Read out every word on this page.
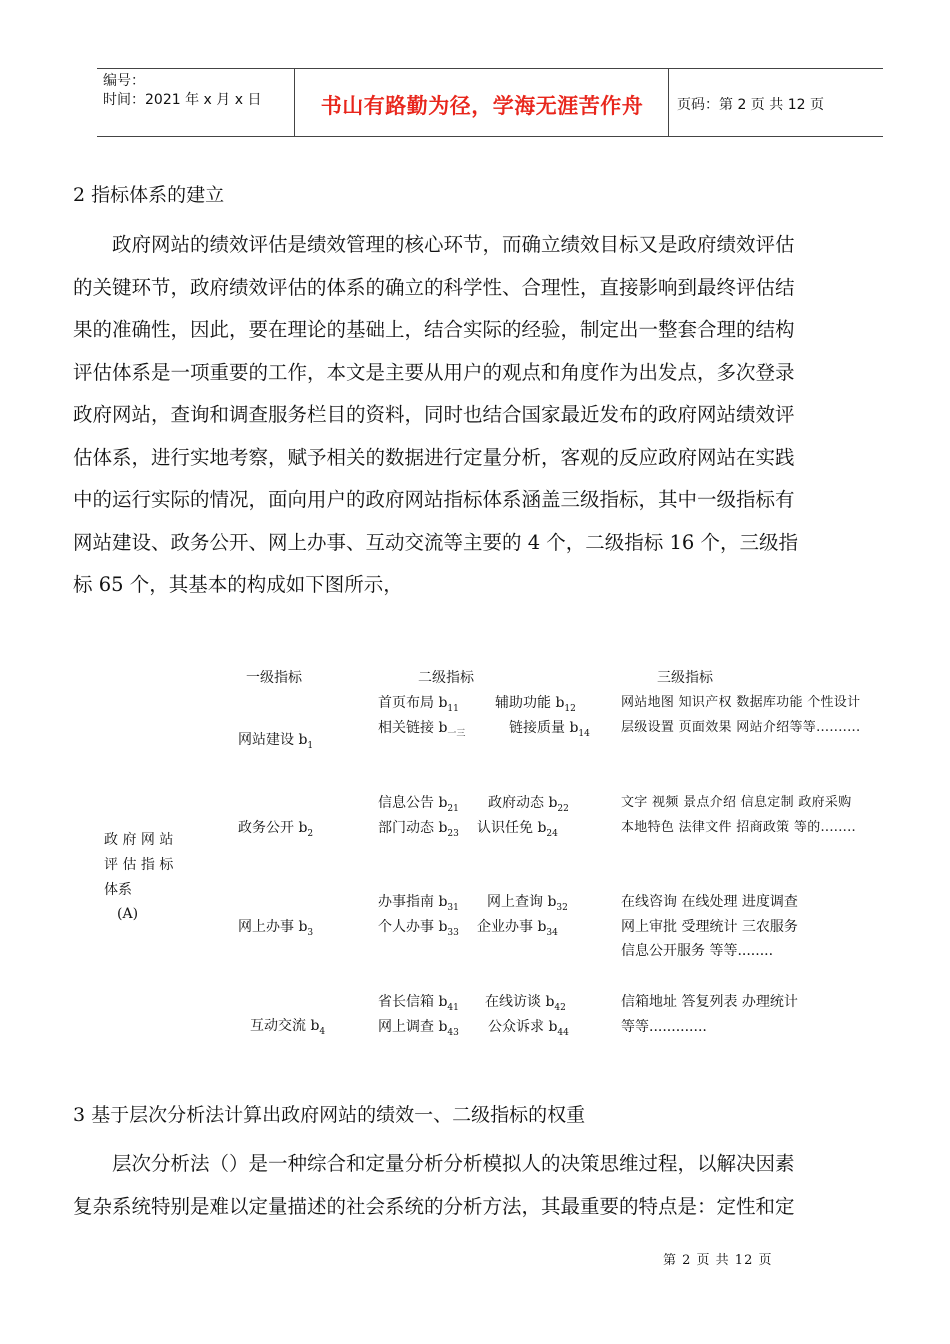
编号：
时间：2021 年 x 月 x 日	书山有路勤为径，学海无涯苦作舟	页码：第 2 页 共 12 页
2 指标体系的建立

　　政府网站的绩效评估是绩效管理的核心环节，而确立绩效目标又是政府绩效评估

的关键环节，政府绩效评估的体系的确立的科学性、合理性，直接影响到最终评估结

果的准确性，因此，要在理论的基础上，结合实际的经验，制定出一整套合理的结构

评估体系是一项重要的工作，本文是主要从用户的观点和角度作为出发点，多次登录

政府网站，查询和调查服务栏目的资料，同时也结合国家最近发布的政府网站绩效评

估体系，进行实地考察，赋予相关的数据进行定量分析，客观的反应政府网站在实践

中的运行实际的情况，面向用户的政府网站指标体系涵盖三级指标，其中一级指标有

网站建设、政务公开、网上办事、互动交流等主要的 4 个，二级指标 16 个，三级指

标 65 个，其基本的构成如下图所示，

一级指标	二级指标	三级指标
政 府 网 站
评 估 指 标
体系
(A)
网站建设 $b_1$
首页布局 $b_{11}$	辅助功能 $b_{12}$
相关链接 $b_{一三}$	链接质量 $b_{14}$
网站地图 知识产权 数据库功能 个性设计
层级设置 页面效果 网站介绍等等..........
政务公开 $b_2$
信息公告 $b_{21}$ 政府动态 $b_{22}$
部门动态 $b_{23}$ 认识任免 $b_{24}$
文字 视频 景点介绍 信息定制 政府采购
本地特色 法律文件 招商政策 等的........
网上办事 $b_3$
办事指南 $b_{31}$ 网上查询 $b_{32}$
个人办事 $b_{33}$ 企业办事 $b_{34}$
在线咨询 在线处理 进度调查
网上审批 受理统计 三农服务
信息公开服务 等等........
互动交流 $b_4$
省长信箱 $b_{41}$ 在线访谈 $b_{42}$
网上调查 $b_{43}$ 公众诉求 $b_{44}$
信箱地址 答复列表 办理统计
等等.............
3 基于层次分析法计算出政府网站的绩效一、二级指标的权重

　　层次分析法（）是一种综合和定量分析分析模拟人的决策思维过程，以解决因素

复杂系统特别是难以定量描述的社会系统的分析方法，其最重要的特点是：定性和定

第 2 页 共 12 页
